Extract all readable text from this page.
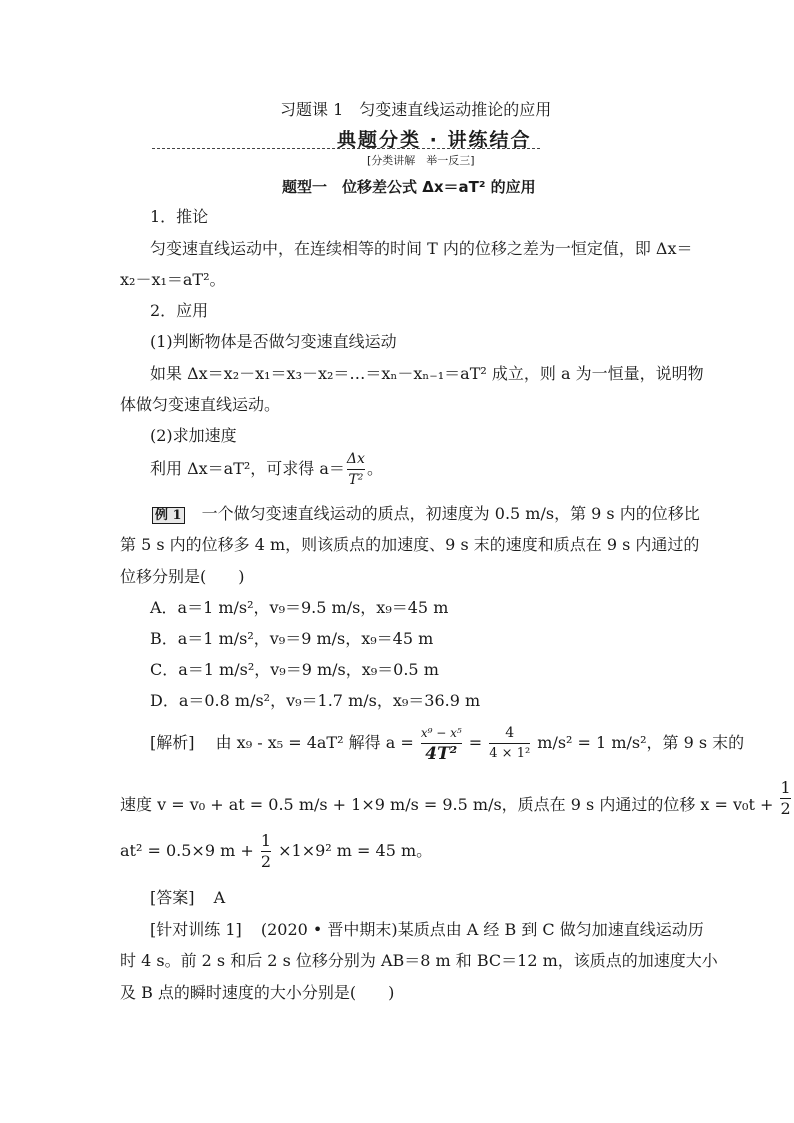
习题课 1　匀变速直线运动推论的应用
典题分类 · 讲练结合
[分类讲解　举一反三]
题型一　位移差公式 Δx＝aT² 的应用
1．推论
匀变速直线运动中，在连续相等的时间 T 内的位移之差为一恒定值，即 Δx＝
x₂－x₁＝aT²。
2．应用
(1)判断物体是否做匀变速直线运动
如果 Δx＝x₂－x₁＝x₃－x₂＝…＝xₙ－xₙ₋₁＝aT² 成立，则 a 为一恒量，说明物
体做匀变速直线运动。
(2)求加速度
利用 Δx＝aT²，可求得 $a= \frac{\Delta x}{\text{T²}}$ 。
例 1 一个做匀变速直线运动的质点，初速度为 0.5 m/s，第 9 s 内的位移比
第 5 s 内的位移多 4 m，则该质点的加速度、9 s 末的速度和质点在 9 s 内通过的
位移分别是(　　)
A．a＝1 m/s²，v₉＝9.5 m/s，x₉＝45 m
B．a＝1 m/s²，v₉＝9 m/s，x₉＝45 m
C．a＝1 m/s²，v₉＝9 m/s，x₉＝0.5 m
D．a＝0.8 m/s²，v₉＝1.7 m/s，x₉＝36.9 m
[解析] 由 x₉ - x₅ = 4aT² 解得 $a = \frac{\text{x⁹ − x⁵}}{\text{4T²}} = \frac{4}{\text{4 × 1²}} m/s^2 = 1$ m/s²，第 9 s 末的
速度 v = v₀ + at = 0.5 m/s + 1×9 m/s = 9.5 m/s，质点在 9 s 内通过的位移 $x = v_0t + \frac{1}{2}$
at² = 0.5×9 $m + \frac{1}{2} \times 1\times 9^2$ m = 45 m。
[答案] A
[针对训练 1] (2020 • 晋中期末)某质点由 A 经 B 到 C 做匀加速直线运动历
时 4 s。前 2 s 和后 2 s 位移分别为 AB＝8 m 和 BC＝12 m，该质点的加速度大小
及 B 点的瞬时速度的大小分别是(　　)
